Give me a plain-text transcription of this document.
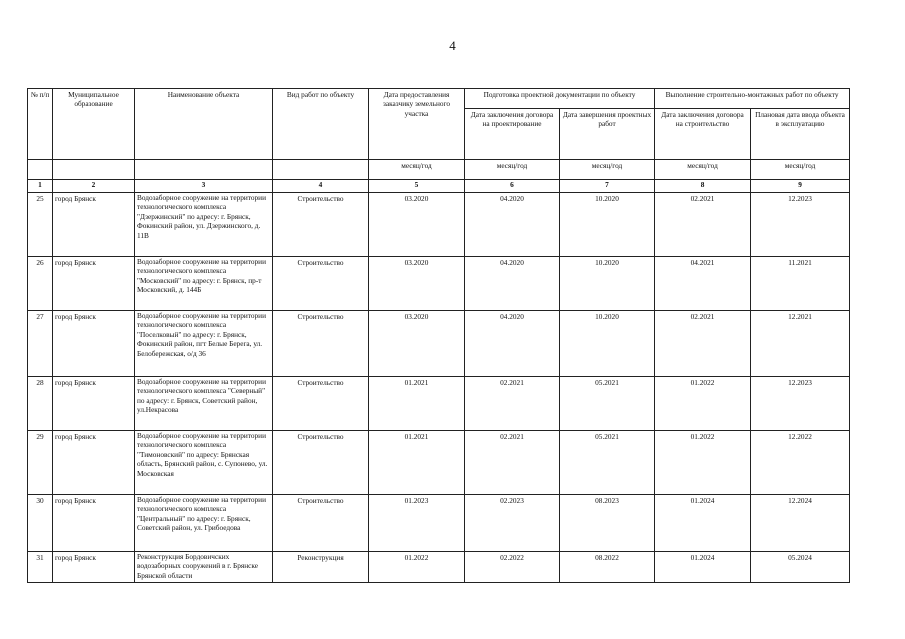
4
№ п/п	Муниципальное образование	Наименование объекта	Вид работ по объекту	Дата предоставления заказчику земельного участка	Подготовка проектной документации по объекту		Выполнение строительно-монтажных работ по объекту	
					Дата заключения договора на проектирование	Дата завершения проектных работ	Дата заключения договора на строительство	Плановая дата ввода объекта в эксплуатацию
				месяц/год	месяц/год	месяц/год	месяц/год	месяц/год
1	2	3	4	5	6	7	8	9
25	город Брянск	Водозаборное сооружение на территории технологического комплекса "Дзержинский" по адресу: г. Брянск, Фокинский район, ул. Дзержинского, д. 11В	Строительство	03.2020	04.2020	10.2020	02.2021	12.2023
26	город Брянск	Водозаборное сооружение на территории технологического комплекса "Московский" по адресу: г. Брянск, пр-т Московский, д. 144Б	Строительство	03.2020	04.2020	10.2020	04.2021	11.2021
27	город Брянск	Водозаборное сооружение на территории технологического комплекса "Поселковый" по адресу: г. Брянск, Фокинский район, пгт Белые Берега, ул. Белобережская, о/д 36	Строительство	03.2020	04.2020	10.2020	02.2021	12.2021
28	город Брянск	Водозаборное сооружение на территории технологического комплекса "Северный" по адресу: г. Брянск, Советский район, ул.Некрасова	Строительство	01.2021	02.2021	05.2021	01.2022	12.2023
29	город Брянск	Водозаборное сооружение на территории технологического комплекса "Тимоновский" по адресу: Брянская область, Брянский район, с. Супонево, ул. Московская	Строительство	01.2021	02.2021	05.2021	01.2022	12.2022
30	город Брянск	Водозаборное сооружение на территории технологического комплекса "Центральный" по адресу: г. Брянск, Советский район, ул. Грибоедова	Строительство	01.2023	02.2023	08.2023	01.2024	12.2024
31	город Брянск	Реконструкция Бордовичских водозаборных сооружений в г. Брянске Брянской области	Реконструкция	01.2022	02.2022	08.2022	01.2024	05.2024
